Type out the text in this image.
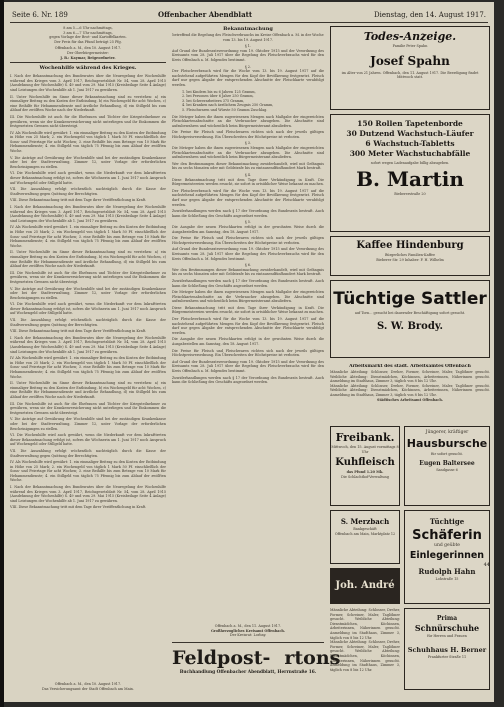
Seite 6. Nr. 189	Offenbacher Abendblatt	Dienstag, den 14. August 1917.
8 am 5.—6 Uhr nachmittags,
3 am 6.—7 Uhr nachmittags,
gegen Vorlage der Brot- und Kartoffelkarten.
Der Preis für das Pfund beträgt 25 Pfg.
Offenbach a. M., den 10. August 1917.
Der Oberbürgermeister:
J. B.: Kaymar, Beigeordneter.
Wochenhilfe während des Krieges.

I. Nach der Bekanntmachung des Bundesrates über die Neuregelung der Wochenhilfe während des Krieges vom 3. April 1917, Reichsgesetzblatt Nr. 54, vom 28. April 1915 (Ausdehnung der Wochenhilfe) S. 49 und vom 29. Mai 1915 (Kreisbeilage Seite 4 Anlage) sind Leistungen der Wochenhilfe ab 1. Juni 1917 zu gewähren.

II. Unter Wochenhilfe im Sinne dieser Bekanntmachung sind zu verstehen: a) ein einmaliger Beitrag zu den Kosten der Entbindung, b) ein Wochengeld für acht Wochen, c) eine Beihilfe für Hebammendienste und ärztliche Behandlung, d) ein Stillgeld bis zum Ablauf der zwölften Woche nach der Niederkunft.

III. Die Wochenhilfe ist auch für die Ehefrauen und Töchter der Kriegsteilnehmer zu gewähren, wenn sie der Krankenversicherung nicht unterliegen und ihr Einkommen die festgesetzten Grenzen nicht übersteigt.

IV. Als Wochenhilfe wird gewährt: 1. ein einmaliger Beitrag zu den Kosten der Entbindung in Höhe von 25 Mark; 2. ein Wochengeld von täglich 1 Mark 50 Pf. einschließlich der Sonn- und Feiertage für acht Wochen; 3. eine Beihilfe bis zum Betrage von 10 Mark für Hebammendienste; 4. ein Stillgeld von täglich 75 Pfennig bis zum Ablauf der zwölften Woche.

V. Die Anträge auf Gewährung der Wochenhilfe sind bei der zuständigen Krankenkasse oder bei der Stadtverwaltung, Zimmer 12, unter Vorlage der erforderlichen Bescheinigungen zu stellen.

VI. Die Wochenhilfe wird auch gewährt, wenn die Niederkunft vor dem Inkrafttreten dieser Bekanntmachung erfolgt ist, sofern die Wöchnerin am 1. Juni 1917 noch Anspruch auf Wochengeld oder Stillgeld hatte.

VII. Die Auszahlung erfolgt wöchentlich nachträglich durch die Kasse der Stadtverwaltung gegen Quittung der Berechtigten.

VIII. Diese Bekanntmachung tritt mit dem Tage ihrer Veröffentlichung in Kraft.

I. Nach der Bekanntmachung des Bundesrates über die Neuregelung der Wochenhilfe während des Krieges vom 3. April 1917, Reichsgesetzblatt Nr. 54, vom 28. April 1915 (Ausdehnung der Wochenhilfe) S. 49 und vom 29. Mai 1915 (Kreisbeilage Seite 4 Anlage) sind Leistungen der Wochenhilfe ab 1. Juni 1917 zu gewähren.

IV. Als Wochenhilfe wird gewährt: 1. ein einmaliger Beitrag zu den Kosten der Entbindung in Höhe von 25 Mark; 2. ein Wochengeld von täglich 1 Mark 50 Pf. einschließlich der Sonn- und Feiertage für acht Wochen; 3. eine Beihilfe bis zum Betrage von 10 Mark für Hebammendienste; 4. ein Stillgeld von täglich 75 Pfennig bis zum Ablauf der zwölften Woche.

II. Unter Wochenhilfe im Sinne dieser Bekanntmachung sind zu verstehen: a) ein einmaliger Beitrag zu den Kosten der Entbindung, b) ein Wochengeld für acht Wochen, c) eine Beihilfe für Hebammendienste und ärztliche Behandlung, d) ein Stillgeld bis zum Ablauf der zwölften Woche nach der Niederkunft.

III. Die Wochenhilfe ist auch für die Ehefrauen und Töchter der Kriegsteilnehmer zu gewähren, wenn sie der Krankenversicherung nicht unterliegen und ihr Einkommen die festgesetzten Grenzen nicht übersteigt.

V. Die Anträge auf Gewährung der Wochenhilfe sind bei der zuständigen Krankenkasse oder bei der Stadtverwaltung, Zimmer 12, unter Vorlage der erforderlichen Bescheinigungen zu stellen.

VI. Die Wochenhilfe wird auch gewährt, wenn die Niederkunft vor dem Inkrafttreten dieser Bekanntmachung erfolgt ist, sofern die Wöchnerin am 1. Juni 1917 noch Anspruch auf Wochengeld oder Stillgeld hatte.

VII. Die Auszahlung erfolgt wöchentlich nachträglich durch die Kasse der Stadtverwaltung gegen Quittung der Berechtigten.

VIII. Diese Bekanntmachung tritt mit dem Tage ihrer Veröffentlichung in Kraft.

I. Nach der Bekanntmachung des Bundesrates über die Neuregelung der Wochenhilfe während des Krieges vom 3. April 1917, Reichsgesetzblatt Nr. 54, vom 28. April 1915 (Ausdehnung der Wochenhilfe) S. 49 und vom 29. Mai 1915 (Kreisbeilage Seite 4 Anlage) sind Leistungen der Wochenhilfe ab 1. Juni 1917 zu gewähren.

IV. Als Wochenhilfe wird gewährt: 1. ein einmaliger Beitrag zu den Kosten der Entbindung in Höhe von 25 Mark; 2. ein Wochengeld von täglich 1 Mark 50 Pf. einschließlich der Sonn- und Feiertage für acht Wochen; 3. eine Beihilfe bis zum Betrage von 10 Mark für Hebammendienste; 4. ein Stillgeld von täglich 75 Pfennig bis zum Ablauf der zwölften Woche.

II. Unter Wochenhilfe im Sinne dieser Bekanntmachung sind zu verstehen: a) ein einmaliger Beitrag zu den Kosten der Entbindung, b) ein Wochengeld für acht Wochen, c) eine Beihilfe für Hebammendienste und ärztliche Behandlung, d) ein Stillgeld bis zum Ablauf der zwölften Woche nach der Niederkunft.

III. Die Wochenhilfe ist auch für die Ehefrauen und Töchter der Kriegsteilnehmer zu gewähren, wenn sie der Krankenversicherung nicht unterliegen und ihr Einkommen die festgesetzten Grenzen nicht übersteigt.

V. Die Anträge auf Gewährung der Wochenhilfe sind bei der zuständigen Krankenkasse oder bei der Stadtverwaltung, Zimmer 12, unter Vorlage der erforderlichen Bescheinigungen zu stellen.

VI. Die Wochenhilfe wird auch gewährt, wenn die Niederkunft vor dem Inkrafttreten dieser Bekanntmachung erfolgt ist, sofern die Wöchnerin am 1. Juni 1917 noch Anspruch auf Wochengeld oder Stillgeld hatte.

VII. Die Auszahlung erfolgt wöchentlich nachträglich durch die Kasse der Stadtverwaltung gegen Quittung der Berechtigten.

IV. Als Wochenhilfe wird gewährt: 1. ein einmaliger Beitrag zu den Kosten der Entbindung in Höhe von 25 Mark; 2. ein Wochengeld von täglich 1 Mark 50 Pf. einschließlich der Sonn- und Feiertage für acht Wochen; 3. eine Beihilfe bis zum Betrage von 10 Mark für Hebammendienste; 4. ein Stillgeld von täglich 75 Pfennig bis zum Ablauf der zwölften Woche.

I. Nach der Bekanntmachung des Bundesrates über die Neuregelung der Wochenhilfe während des Krieges vom 3. April 1917, Reichsgesetzblatt Nr. 54, vom 28. April 1915 (Ausdehnung der Wochenhilfe) S. 49 und vom 29. Mai 1915 (Kreisbeilage Seite 4 Anlage) sind Leistungen der Wochenhilfe ab 1. Juni 1917 zu gewähren.

VIII. Diese Bekanntmachung tritt mit dem Tage ihrer Veröffentlichung in Kraft.

Offenbach a. M., den 10. August 1917.
Das Versicherungsamt der Stadt Offenbach am Main.
Bekanntmachung
betreffend die Regelung des Fleischverbrauchs im Kreise Offenbach a. M. in der Woche vom 13. bis 19. August 1917.
§ 1.

Auf Grund der Bundesratsverordnung vom 19. Oktober 1915 und der Verordnung des Kreisamts vom 28. Juli 1917 über die Regelung des Fleischverbrauchs wird für den Kreis Offenbach a. M. folgendes bestimmt.

§ 2.

Der Fleischverbrauch wird für die Woche vom 13. bis 19. August 1917 auf die nachstehend aufgeführten Mengen für den Kopf der Bevölkerung festgesetzt. Fleisch darf nur gegen Abgabe der entsprechenden Abschnitte der Fleischkarte verabfolgt werden.

1. bei Kindern bis zu 6 Jahren 125 Gramm,
2. bei Personen über 6 Jahre 250 Gramm,
3. bei Schwerarbeitern 375 Gramm,
4. bei Kranken nach ärztlichem Zeugnis 250 Gramm,
5. Fleischwaren und Würste 50 Gramm Zuschlag.

Die Metzger haben die ihnen zugewiesenen Mengen nach Maßgabe der eingereichten Fleischkartenabschnitte an die Verbraucher abzugeben. Die Abschnitte sind aufzubewahren und wöchentlich beim Bürgermeisteramt abzuliefern.

Die Preise für Fleisch und Fleischwaren richten sich nach der jeweils gültigen Höchstpreisverordnung. Ein Überschreiten der Höchstpreise ist verboten.

§ 3.

Die Metzger haben die ihnen zugewiesenen Mengen nach Maßgabe der eingereichten Fleischkartenabschnitte an die Verbraucher abzugeben. Die Abschnitte sind aufzubewahren und wöchentlich beim Bürgermeisteramt abzuliefern.

Wer den Bestimmungen dieser Bekanntmachung zuwiderhandelt, wird mit Gefängnis bis zu sechs Monaten oder mit Geldstrafe bis zu eintausendfünfhundert Mark bestraft.

§ 4.

Diese Bekanntmachung tritt mit dem Tage ihrer Verkündigung in Kraft. Die Bürgermeistereien werden ersucht, sie sofort in ortsüblicher Weise bekannt zu machen.

Der Fleischverbrauch wird für die Woche vom 13. bis 19. August 1917 auf die nachstehend aufgeführten Mengen für den Kopf der Bevölkerung festgesetzt. Fleisch darf nur gegen Abgabe der entsprechenden Abschnitte der Fleischkarte verabfolgt werden.

Zuwiderhandlungen werden nach § 17 der Verordnung des Bundesrats bestraft. Auch kann die Schließung des Geschäfts angeordnet werden.

§ 5.

Die Ausgabe der neuen Fleischkarten erfolgt in der gewohnten Weise durch die Ausgabestellen am Samstag, den 18. August 1917.

Die Preise für Fleisch und Fleischwaren richten sich nach der jeweils gültigen Höchstpreisverordnung. Ein Überschreiten der Höchstpreise ist verboten.

Auf Grund der Bundesratsverordnung vom 19. Oktober 1915 und der Verordnung des Kreisamts vom 28. Juli 1917 über die Regelung des Fleischverbrauchs wird für den Kreis Offenbach a. M. folgendes bestimmt.

§ 6.

Wer den Bestimmungen dieser Bekanntmachung zuwiderhandelt, wird mit Gefängnis bis zu sechs Monaten oder mit Geldstrafe bis zu eintausendfünfhundert Mark bestraft.

Zuwiderhandlungen werden nach § 17 der Verordnung des Bundesrats bestraft. Auch kann die Schließung des Geschäfts angeordnet werden.

Die Metzger haben die ihnen zugewiesenen Mengen nach Maßgabe der eingereichten Fleischkartenabschnitte an die Verbraucher abzugeben. Die Abschnitte sind aufzubewahren und wöchentlich beim Bürgermeisteramt abzuliefern.

Diese Bekanntmachung tritt mit dem Tage ihrer Verkündigung in Kraft. Die Bürgermeistereien werden ersucht, sie sofort in ortsüblicher Weise bekannt zu machen.

Der Fleischverbrauch wird für die Woche vom 13. bis 19. August 1917 auf die nachstehend aufgeführten Mengen für den Kopf der Bevölkerung festgesetzt. Fleisch darf nur gegen Abgabe der entsprechenden Abschnitte der Fleischkarte verabfolgt werden.

Die Ausgabe der neuen Fleischkarten erfolgt in der gewohnten Weise durch die Ausgabestellen am Samstag, den 18. August 1917.

Die Preise für Fleisch und Fleischwaren richten sich nach der jeweils gültigen Höchstpreisverordnung. Ein Überschreiten der Höchstpreise ist verboten.

Auf Grund der Bundesratsverordnung vom 19. Oktober 1915 und der Verordnung des Kreisamts vom 28. Juli 1917 über die Regelung des Fleischverbrauchs wird für den Kreis Offenbach a. M. folgendes bestimmt.

Zuwiderhandlungen werden nach § 17 der Verordnung des Bundesrats bestraft. Auch kann die Schließung des Geschäfts angeordnet werden.

Offenbach a. M., den 11. August 1917.
Großherzogliches Kreisamt Offenbach.
Der Kreisrat: Lorbay.
Feldpost- rtons
Buchhandlung Offenbacher Abendblatt, Herrnstraße 16.
Todes-Anzeige.
Familie Peter Spahn
Josef Spahn
im Alter von 21 Jahren. Offenbach, den 11. August 1917. Die Beerdigung findet Mittwoch statt.
150 Rollen Tapetenborde
30 Dutzend Wachstuch-Läufer
6 Wachstuch-Tabletts
300 Meter Wachstuchabfälle
sofort wegen Ladenaufgabe billig abzugeben.
B. Martin
Biebererstraße 20
Kaffee Hindenburg
Bürgerliches Familien-Kaffee
Bieberer Str. 29 Inhaber: F. H. Wilhelm
Tüchtige Sattler
auf Torn... gesucht bei dauernder Beschäftigung sofort gesucht.
S. W. Brody.
Arbeitsmarkt des städt. Arbeitsamtes Offenbach
Männliche Abteilung: Schlosser, Dreher, Former, Schreiner, Maler, Taglöhner gesucht. Weibliche Abteilung: Dienstmädchen, Köchinnen, Arbeiterinnen, Näherinnen gesucht. Anmeldung im Stadthaus, Zimmer 3, täglich von 8 bis 12 Uhr.
Männliche Abteilung: Schlosser, Dreher, Former, Schreiner, Maler, Taglöhner gesucht. Weibliche Abteilung: Dienstmädchen, Köchinnen, Arbeiterinnen, Näherinnen gesucht. Anmeldung im Stadthaus, Zimmer 3, täglich von 8 bis 12 Uhr.
Städtisches Arbeitsamt Offenbach.
Freibank.
Mittwoch, den 15. August vormittags 8 Uhr
Kuhfleisch
das Pfund 1.20 Mk.
Die Schlachthof-Verwaltung
Jüngerer, kräftiger
Hausbursche
für sofort gesucht.
Eugen Baltersee
Sandgasse 6
S. Merzbach
Bankgeschäft
Offenbach am Main, Marktplatz 12
Joh. André
Tüchtige
Schäferin
und geübte
Einlegerinnen
Rudolph Hahn
Lohstraße 15
Männliche Abteilung: Schlosser, Dreher, Former, Schreiner, Maler, Taglöhner gesucht. Weibliche Abteilung: Dienstmädchen, Köchinnen, Arbeiterinnen, Näherinnen gesucht. Anmeldung im Stadthaus, Zimmer 3, täglich von 8 bis 12 Uhr.
Männliche Abteilung: Schlosser, Dreher, Former, Schreiner, Maler, Taglöhner gesucht. Weibliche Abteilung: Dienstmädchen, Köchinnen, Arbeiterinnen, Näherinnen gesucht. Anmeldung im Stadthaus, Zimmer 3, täglich von 8 bis 12 Uhr.
Prima
Schnürschuhe
für Herren und Frauen
Schuhhaus H. Berner
Frankfurter Straße 11
44
